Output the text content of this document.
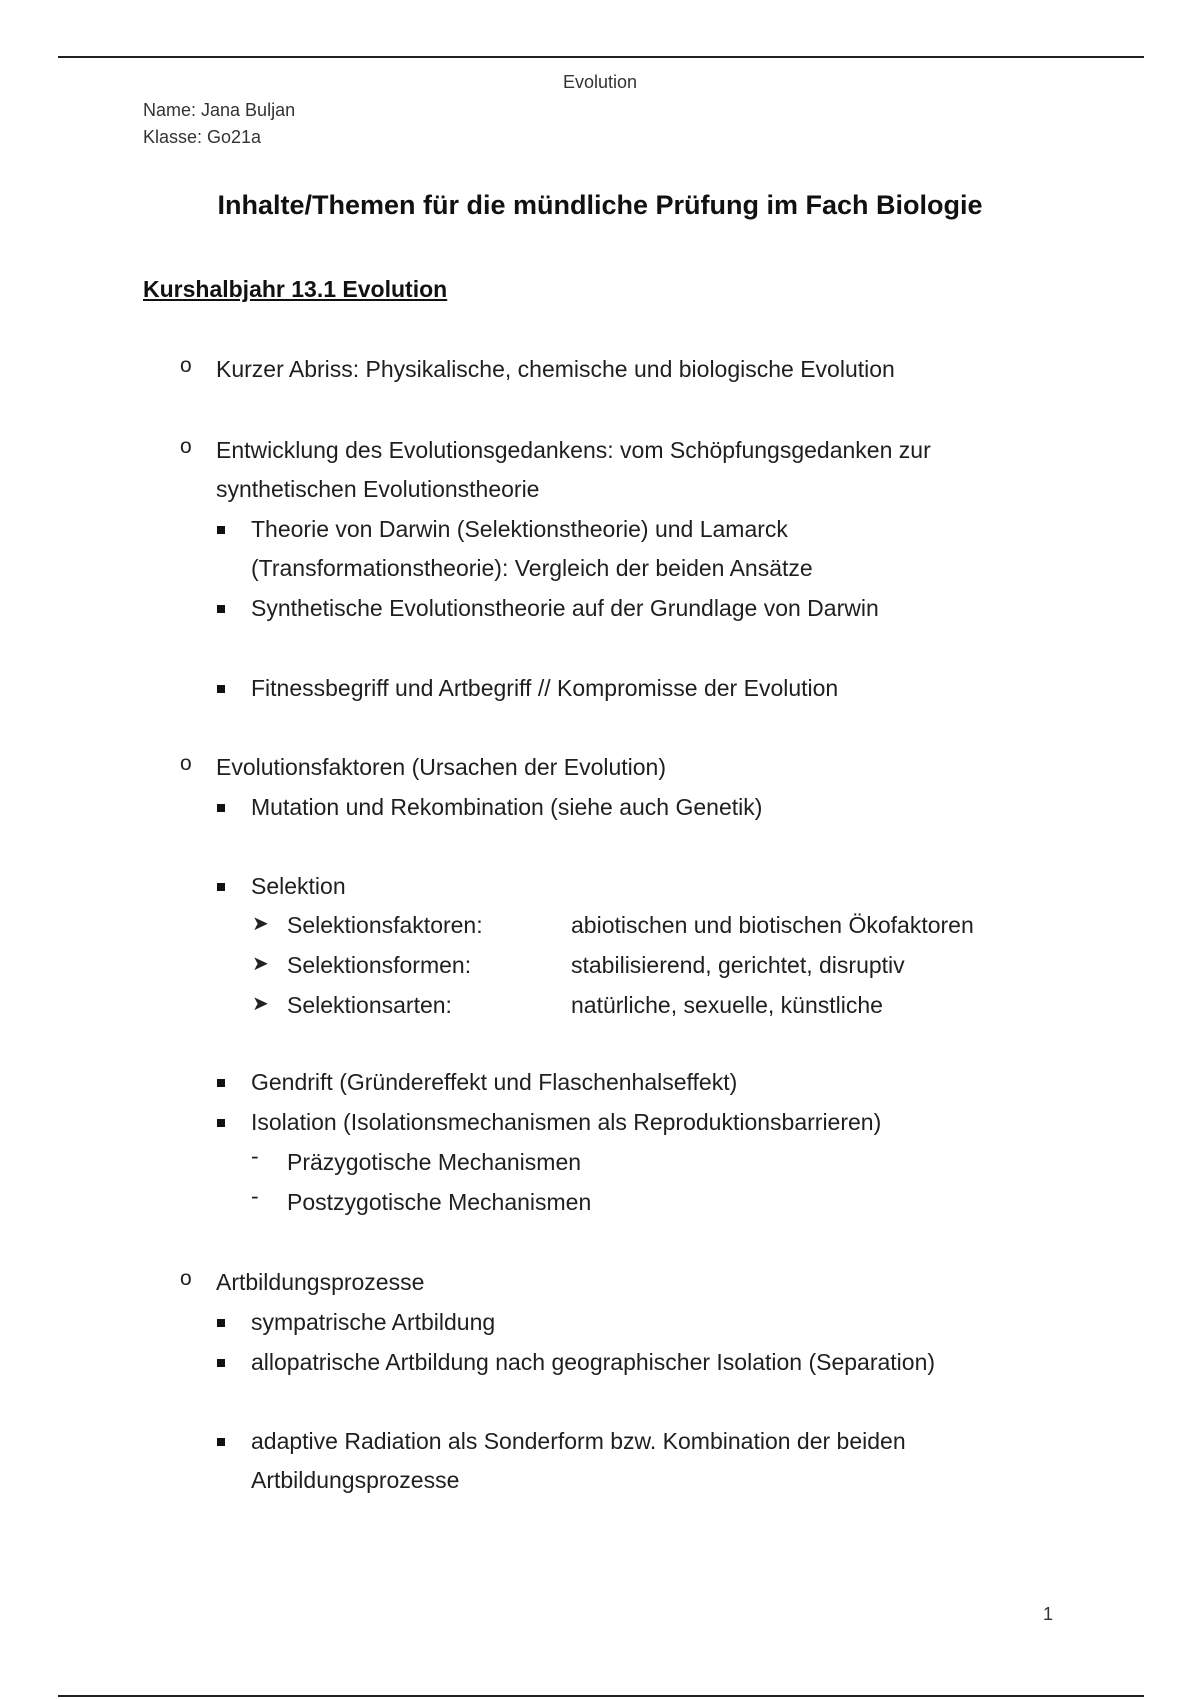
Evolution
Name: Jana Buljan
Klasse: Go21a
Inhalte/Themen für die mündliche Prüfung im Fach Biologie
Kurshalbjahr 13.1 Evolution
o Kurzer Abriss: Physikalische, chemische und biologische Evolution
o Entwicklung des Evolutionsgedankens: vom Schöpfungsgedanken zur
synthetischen Evolutionstheorie
Theorie von Darwin (Selektionstheorie) und Lamarck
(Transformationstheorie): Vergleich der beiden Ansätze
Synthetische Evolutionstheorie auf der Grundlage von Darwin
Fitnessbegriff und Artbegriff // Kompromisse der Evolution
o Evolutionsfaktoren (Ursachen der Evolution)
Mutation und Rekombination (siehe auch Genetik)
Selektion
➤ Selektionsfaktoren:	abiotischen und biotischen Ökofaktoren
➤ Selektionsformen:	stabilisierend, gerichtet, disruptiv
➤ Selektionsarten:	natürliche, sexuelle, künstliche
Gendrift (Gründereffekt und Flaschenhalseffekt)
Isolation (Isolationsmechanismen als Reproduktionsbarrieren)
- Präzygotische Mechanismen
- Postzygotische Mechanismen
o Artbildungsprozesse
sympatrische Artbildung
allopatrische Artbildung nach geographischer Isolation (Separation)
adaptive Radiation als Sonderform bzw. Kombination der beiden
Artbildungsprozesse
1
